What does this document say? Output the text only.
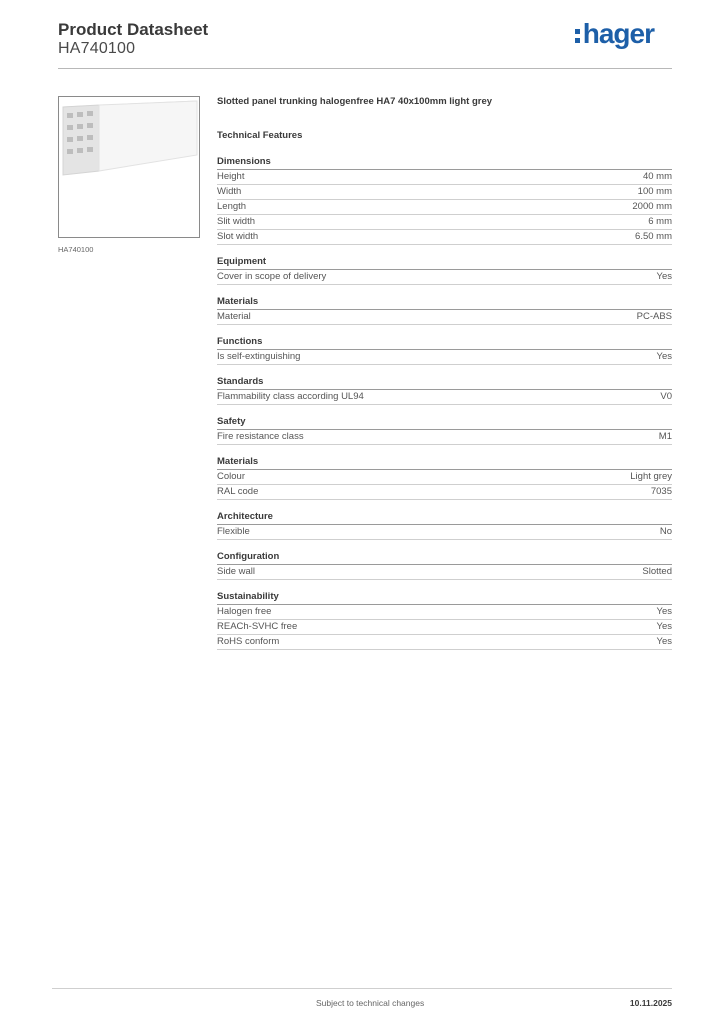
Product Datasheet
HA740100	hager
HA740100
Slotted panel trunking halogenfree HA7 40x100mm light grey
Technical Features
Dimensions
Height	40 mm
Width	100 mm
Length	2000 mm
Slit width	6 mm
Slot width	6.50 mm
Equipment
Cover in scope of delivery	Yes
Materials
Material	PC-ABS
Functions
Is self-extinguishing	Yes
Standards
Flammability class according UL94	V0
Safety
Fire resistance class	M1
Materials
Colour	Light grey
RAL code	7035
Architecture
Flexible	No
Configuration
Side wall	Slotted
Sustainability
Halogen free	Yes
REACh-SVHC free	Yes
RoHS conform	Yes
Subject to technical changes	10.11.2025
